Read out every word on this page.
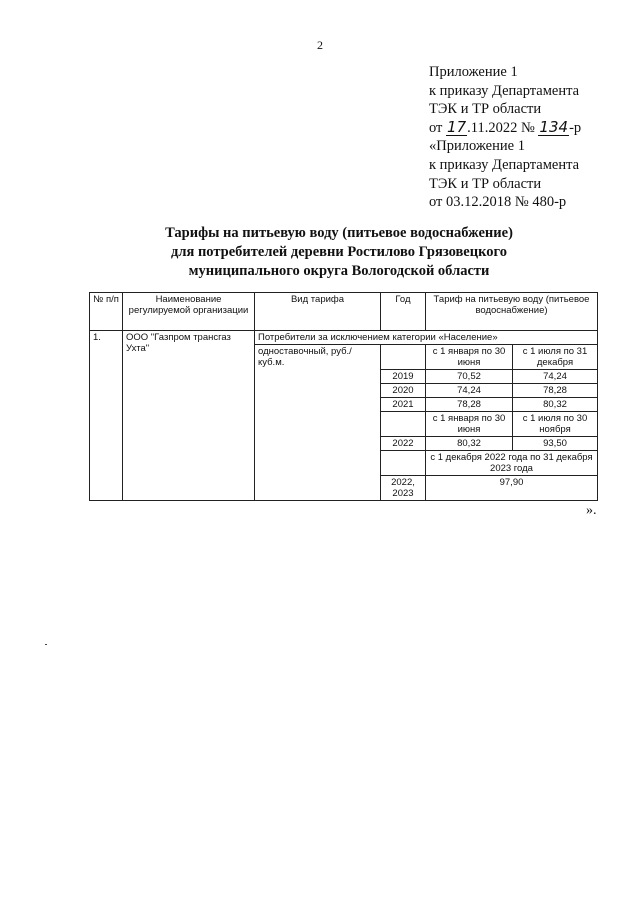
2
Приложение 1
к приказу Департамента
ТЭК и ТР области
от 17.11.2022 № 134-р
«Приложение 1
к приказу Департамента
ТЭК и ТР области
от 03.12.2018 № 480-р
Тарифы на питьевую воду (питьевое водоснабжение)
для потребителей деревни Ростилово Грязовецкого
муниципального округа Вологодской области
№ п/п	Наименование регулируемой организации	Вид тарифа	Год	Тариф на питьевую воду (питьевое водоснабжение)	
1.	ООО "Газпром трансгаз Ухта"	Потребители за исключением категории «Население»			
		одноставочный, руб./куб.м.		с 1 января по 30 июня	с 1 июля по 31 декабря
			2019	70,52	74,24
			2020	74,24	78,28
			2021	78,28	80,32
				с 1 января по 30 июня	с 1 июля по 30 ноября
			2022	80,32	93,50
				с 1 декабря 2022 года по 31 декабря 2023 года	
			2022, 2023	97,90	
».
